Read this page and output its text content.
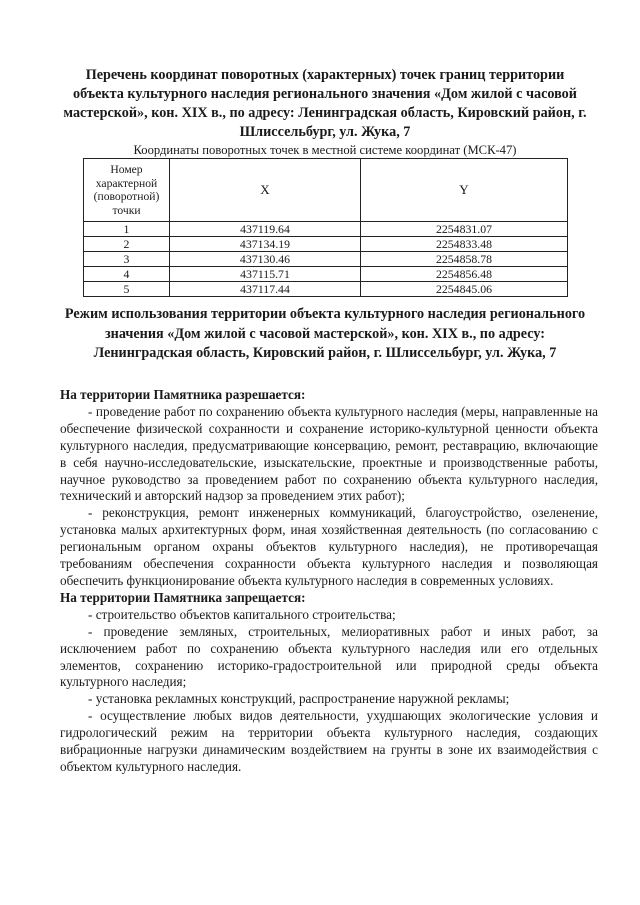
Перечень координат поворотных (характерных) точек границ территории объекта культурного наследия регионального значения «Дом жилой с часовой мастерской», кон. XIX в., по адресу: Ленинградская область, Кировский район, г. Шлиссельбург, ул. Жука, 7

Координаты поворотных точек в местной системе координат (МСК-47)

Номер характерной (поворотной) точки	X	Y
1	437119.64	2254831.07
2	437134.19	2254833.48
3	437130.46	2254858.78
4	437115.71	2254856.48
5	437117.44	2254845.06

Режим использования территории объекта культурного наследия регионального значения «Дом жилой с часовой мастерской», кон. XIX в., по адресу: Ленинградская область, Кировский район, г. Шлиссельбург, ул. Жука, 7

На территории Памятника разрешается:

- проведение работ по сохранению объекта культурного наследия (меры, направленные на обеспечение физической сохранности и сохранение историко-культурной ценности объекта культурного наследия, предусматривающие консервацию, ремонт, реставрацию, включающие в себя научно-исследовательские, изыскательские, проектные и производственные работы, научное руководство за проведением работ по сохранению объекта культурного наследия, технический и авторский надзор за проведением этих работ);

- реконструкция, ремонт инженерных коммуникаций, благоустройство, озеленение, установка малых архитектурных форм, иная хозяйственная деятельность (по согласованию с региональным органом охраны объектов культурного наследия), не противоречащая требованиям обеспечения сохранности объекта культурного наследия и позволяющая обеспечить функционирование объекта культурного наследия в современных условиях.

На территории Памятника запрещается:

- строительство объектов капитального строительства;

- проведение земляных, строительных, мелиоративных работ и иных работ, за исключением работ по сохранению объекта культурного наследия или его отдельных элементов, сохранению историко-градостроительной или природной среды объекта культурного наследия;

- установка рекламных конструкций, распространение наружной рекламы;

- осуществление любых видов деятельности, ухудшающих экологические условия и гидрологический режим на территории объекта культурного наследия, создающих вибрационные нагрузки динамическим воздействием на грунты в зоне их взаимодействия с объектом культурного наследия.
